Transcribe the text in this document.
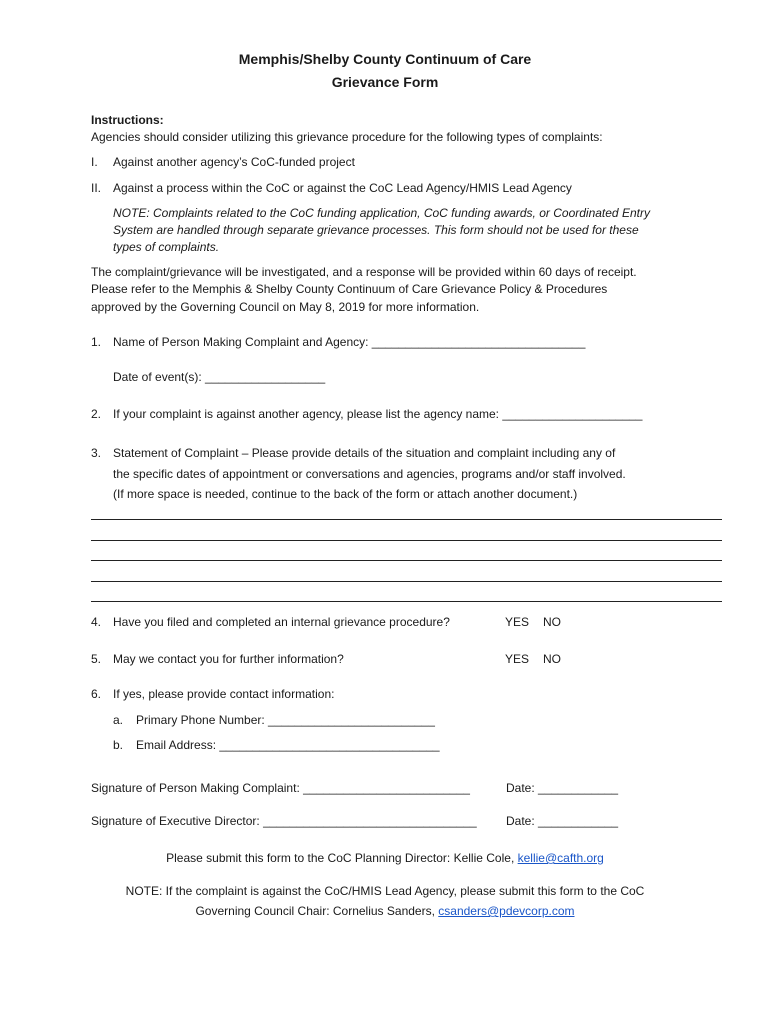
Memphis/Shelby County Continuum of Care
Grievance Form
Instructions:
Agencies should consider utilizing this grievance procedure for the following types of complaints:
I. Against another agency’s CoC-funded project
II. Against a process within the CoC or against the CoC Lead Agency/HMIS Lead Agency
NOTE: Complaints related to the CoC funding application, CoC funding awards, or Coordinated Entry
System are handled through separate grievance processes. This form should not be used for these
types of complaints.
The complaint/grievance will be investigated, and a response will be provided within 60 days of receipt.
Please refer to the Memphis & Shelby County Continuum of Care Grievance Policy & Procedures
approved by the Governing Council on May 8, 2019 for more information.
1. Name of Person Making Complaint and Agency: ________________________________
Date of event(s): __________________
2. If your complaint is against another agency, please list the agency name: _____________________
3. Statement of Complaint – Please provide details of the situation and complaint including any of
the specific dates of appointment or conversations and agencies, programs and/or staff involved.
(If more space is needed, continue to the back of the form or attach another document.)
4. Have you filed and completed an internal grievance procedure?	YES NO
5. May we contact you for further information?	YES NO
6. If yes, please provide contact information:
a. Primary Phone Number: _________________________
b. Email Address: _________________________________
Signature of Person Making Complaint: _________________________	Date: ____________
Signature of Executive Director: ________________________________ Date: ____________
Please submit this form to the CoC Planning Director: Kellie Cole, kellie@cafth.org
NOTE: If the complaint is against the CoC/HMIS Lead Agency, please submit this form to the CoC
Governing Council Chair: Cornelius Sanders, csanders@pdevcorp.com
